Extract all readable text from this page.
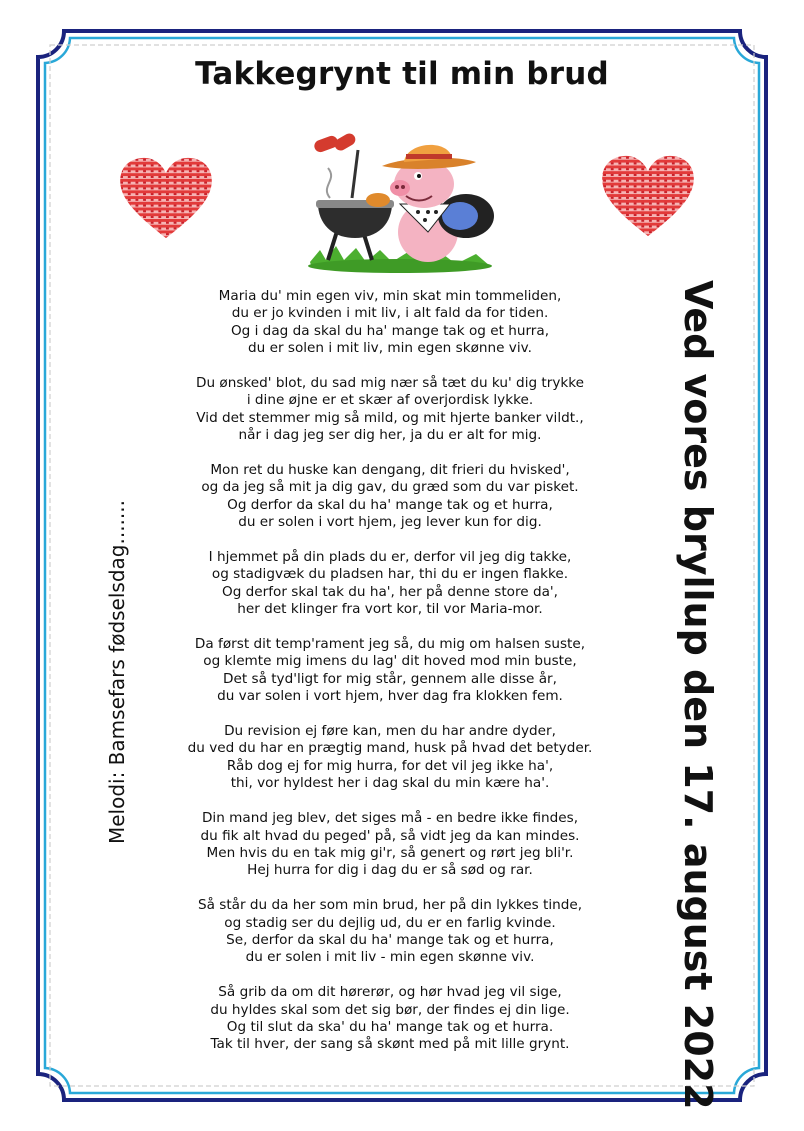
Takkegrynt til min brud
Maria du' min egen viv, min skat min tommeliden,
du er jo kvinden i mit liv, i alt fald da for tiden.
Og i dag da skal du ha' mange tak og et hurra,
du er solen i mit liv, min egen skønne viv.
Du ønsked' blot, du sad mig nær så tæt du ku' dig trykke
i dine øjne er et skær af overjordisk lykke.
Vid det stemmer mig så mild, og mit hjerte banker vildt.,
når i dag jeg ser dig her, ja du er alt for mig.
Mon ret du huske kan dengang, dit frieri du hvisked',
og da jeg så mit ja dig gav, du græd som du var pisket.
Og derfor da skal du ha' mange tak og et hurra,
du er solen i vort hjem, jeg lever kun for dig.
I hjemmet på din plads du er, derfor vil jeg dig takke,
og stadigvæk du pladsen har, thi du er ingen flakke.
Og derfor skal tak du ha', her på denne store da',
her det klinger fra vort kor, til vor Maria-mor.
Da først dit temp'rament jeg så, du mig om halsen suste,
og klemte mig imens du lag' dit hoved mod min buste,
Det så tyd'ligt for mig står, gennem alle disse år,
du var solen i vort hjem, hver dag fra klokken fem.
Du revision ej føre kan, men du har andre dyder,
du ved du har en prægtig mand, husk på hvad det betyder.
Råb dog ej for mig hurra, for det vil jeg ikke ha',
thi, vor hyldest her i dag skal du min kære ha'.
Din mand jeg blev, det siges må - en bedre ikke findes,
du fik alt hvad du peged' på, så vidt jeg da kan mindes.
Men hvis du en tak mig gi'r, så genert og rørt jeg bli'r.
Hej hurra for dig i dag du er så sød og rar.
Så står du da her som min brud, her på din lykkes tinde,
og stadig ser du dejlig ud, du er en farlig kvinde.
Se, derfor da skal du ha' mange tak og et hurra,
du er solen i mit liv - min egen skønne viv.
Så grib da om dit hørerør, og hør hvad jeg vil sige,
du hyldes skal som det sig bør, der findes ej din lige.
Og til slut da ska' du ha' mange tak og et hurra.
Tak til hver, der sang så skønt med på mit lille grynt.	Ved vores bryllup den 17. august 2022
Melodi: Bamsefars fødselsdag.......
